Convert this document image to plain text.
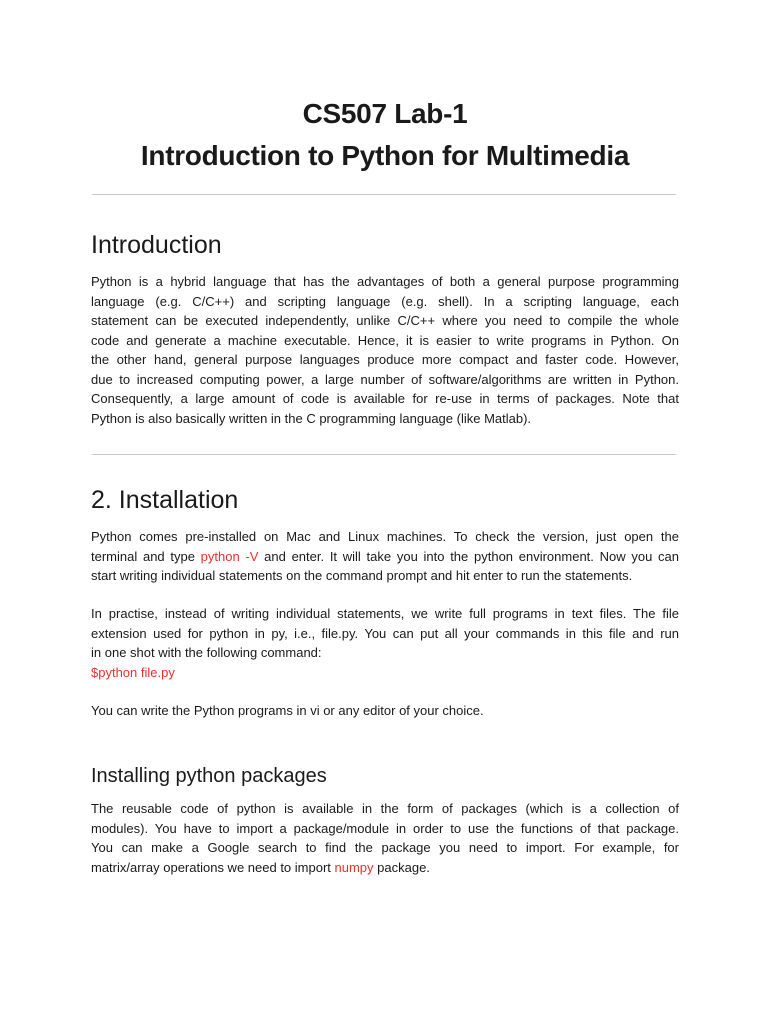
CS507 Lab-1
Introduction to Python for Multimedia
Introduction

Python is a hybrid language that has the advantages of both a general purpose programming
language (e.g. C/C++) and scripting language (e.g. shell). In a scripting language, each
statement can be executed independently, unlike C/C++ where you need to compile the whole
code and generate a machine executable. Hence, it is easier to write programs in Python. On
the other hand, general purpose languages produce more compact and faster code. However,
due to increased computing power, a large number of software/algorithms are written in Python.
Consequently, a large amount of code is available for re-use in terms of packages. Note that
Python is also basically written in the C programming language (like Matlab).

2. Installation

Python comes pre-installed on Mac and Linux machines. To check the version, just open the
terminal and type python -V and enter. It will take you into the python environment. Now you can
start writing individual statements on the command prompt and hit enter to run the statements.

In practise, instead of writing individual statements, we write full programs in text files. The file
extension used for python in py, i.e., file.py. You can put all your commands in this file and run
in one shot with the following command:
$python file.py

You can write the Python programs in vi or any editor of your choice.

Installing python packages

The reusable code of python is available in the form of packages (which is a collection of
modules). You have to import a package/module in order to use the functions of that package.
You can make a Google search to find the package you need to import. For example, for
matrix/array operations we need to import numpy package.
